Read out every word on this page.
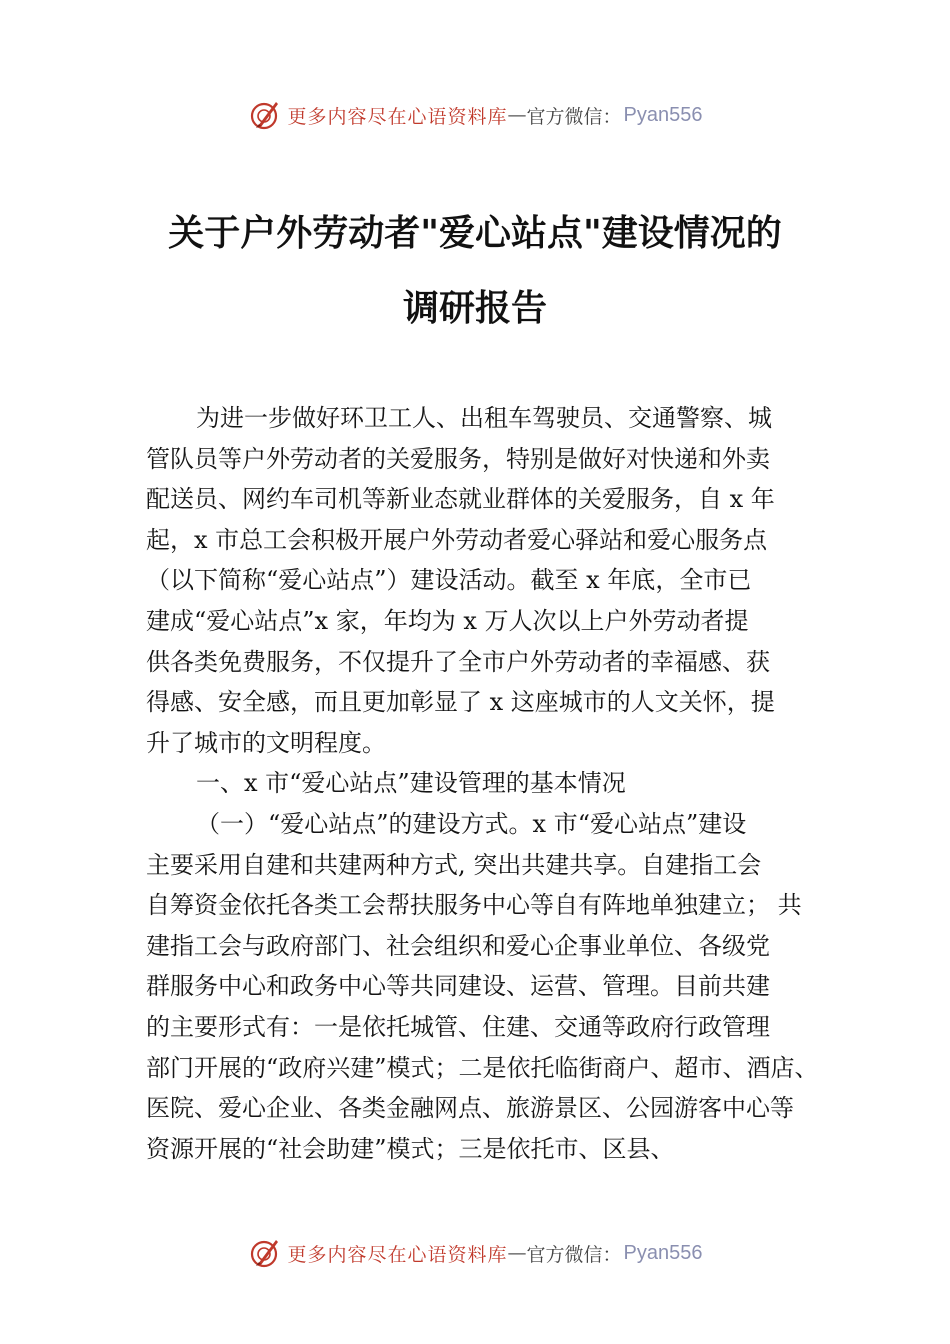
更多内容尽在心语资料库 — 官方微信： Pyan556
关于户外劳动者"爱心站点"建设情况的
调研报告
为进一步做好环卫工人、出租车驾驶员、交通警察、城
管队员等户外劳动者的关爱服务，特别是做好对快递和外卖
配送员、网约车司机等新业态就业群体的关爱服务，自 x 年
起，x 市总工会积极开展户外劳动者爱心驿站和爱心服务点
（以下简称“爱心站点”）建设活动。截至 x 年底，全市已
建成“爱心站点”x 家，年均为 x 万人次以上户外劳动者提
供各类免费服务，不仅提升了全市户外劳动者的幸福感、获
得感、安全感，而且更加彰显了 x 这座城市的人文关怀，提
升了城市的文明程度。
一、x 市“爱心站点”建设管理的基本情况
（一）“爱心站点”的建设方式。x 市“爱心站点”建设
主要采用自建和共建两种方式, 突出共建共享。自建指工会
自筹资金依托各类工会帮扶服务中心等自有阵地单独建立； 共
建指工会与政府部门、社会组织和爱心企事业单位、各级党
群服务中心和政务中心等共同建设、运营、管理。目前共建
的主要形式有：一是依托城管、住建、交通等政府行政管理
部门开展的“政府兴建”模式；二是依托临街商户、超市、酒店、
医院、爱心企业、各类金融网点、旅游景区、公园游客中心等
资源开展的“社会助建”模式；三是依托市、区县、
更多内容尽在心语资料库 — 官方微信： Pyan556
